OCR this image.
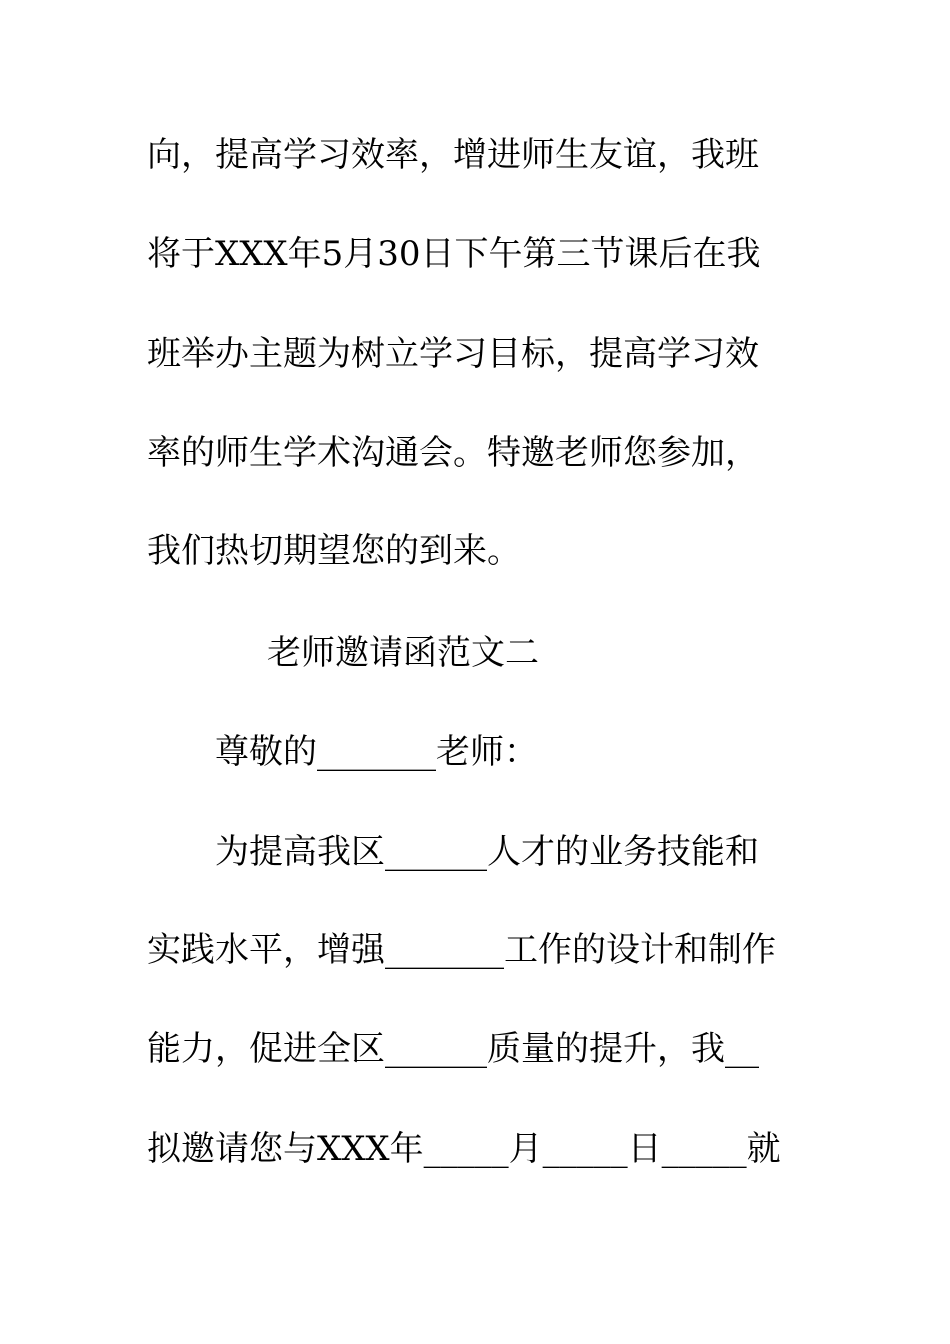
向，提高学习效率，增进师生友谊，我班
将于XXX年5月30日下午第三节课后在我
班举办主题为树立学习目标，提高学习效
率的师生学术沟通会。特邀老师您参加，
我们热切期望您的到来。
老师邀请函范文二
尊敬的_______老师：
为提高我区______人才的业务技能和
实践水平，增强_______工作的设计和制作
能力，促进全区______质量的提升，我__
拟邀请您与XXX年_____月_____日_____就
